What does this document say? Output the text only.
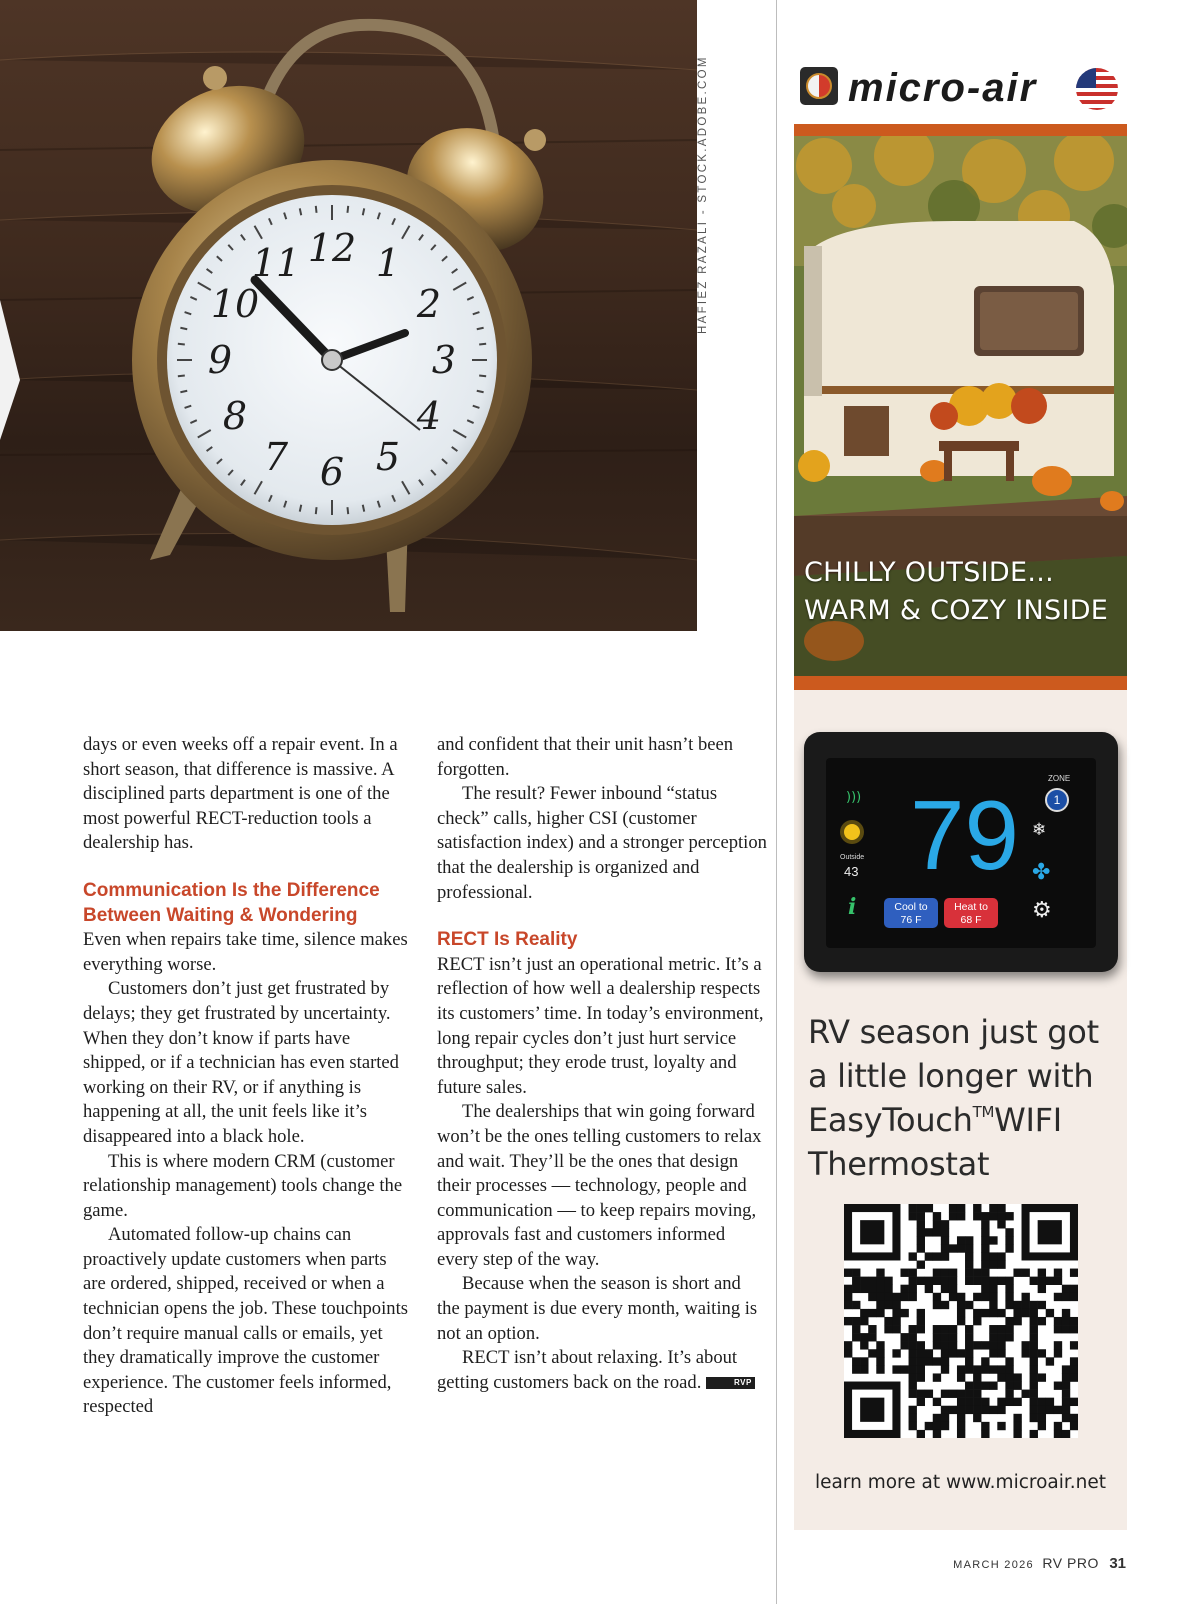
12 1
2
3
4
5
6
7
8
9
10
11	HAFIEZ RAZALI - STOCK.ADOBE.COM

days or even weeks off a repair event. In a short season, that difference is massive. A disciplined parts department is one of the most powerful RECT-reduction tools a dealership has.

Communication Is the Difference Between Waiting & Wondering

Even when repairs take time, silence makes everything worse.

Customers don’t just get frustrated by delays; they get frustrated by uncertainty. When they don’t know if parts have shipped, or if a technician has even started working on their RV, or if anything is happening at all, the unit feels like it’s disappeared into a black hole.

This is where modern CRM (customer relationship management) tools change the game.

Automated follow-up chains can proactively update customers when parts are ordered, shipped, received or when a technician opens the job. These touchpoints don’t require manual calls or emails, yet they dramatically improve the customer experience. The customer feels informed, respected

and confident that their unit hasn’t been forgotten.

The result? Fewer inbound “status check” calls, higher CSI (customer satisfaction index) and a stronger perception that the dealership is organized and professional.

RECT Is Reality

RECT isn’t just an operational metric. It’s a reflection of how well a dealership respects its customers’ time. In today’s environment, long repair cycles don’t just hurt service throughput; they erode trust, loyalty and future sales.

The dealerships that win going forward won’t be the ones telling customers to relax and wait. They’ll be the ones that design their processes — technology, people and communication — to keep repairs moving, approvals fast and customers informed every step of the way.

Because when the season is short and the payment is due every month, waiting is not an option.

RECT isn’t about relaxing. It’s about getting customers back on the road.	RVP

micro-air
CHILLY OUTSIDE...
WARM & COZY INSIDE
)))
ZONE
1
Outside
43 79
i	Cool to
76 F
Heat to
68 F
❄
✤
⚙

RV season just got a little longer with EasyTouch™WIFI Thermostat

learn more at www.microair.net

MARCH 2026 RV PRO 31
